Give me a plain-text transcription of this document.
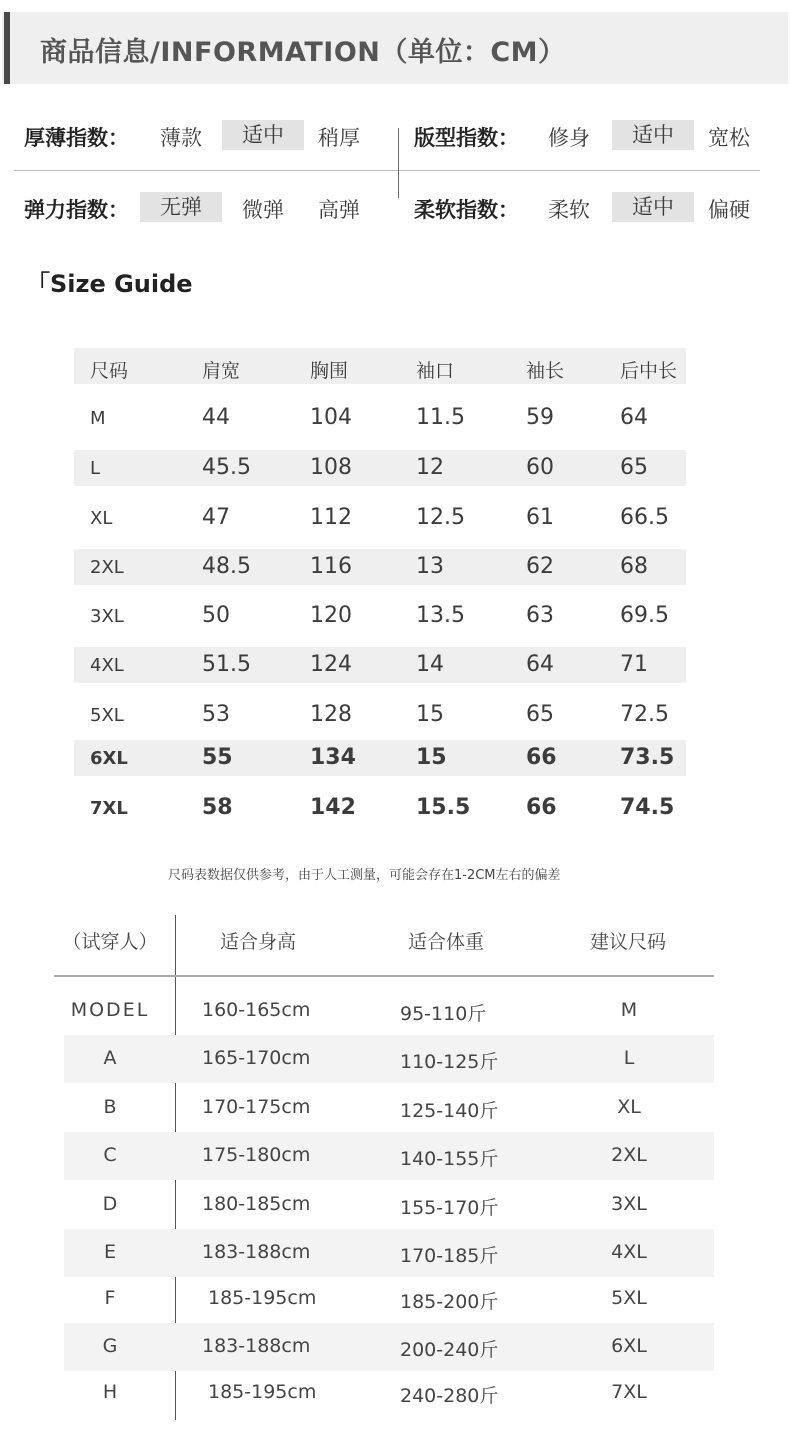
商品信息/INFORMATION（单位：CM）
厚薄指数： 薄款	适中	稍厚	版型指数： 修身	适中	宽松
弹力指数：	无弹	微弹 高弹	柔软指数： 柔软	适中	偏硬
「Size Guide
尺码	肩宽	胸围	袖口	袖长	后中长
M	44	104	11.5	59	64
L	45.5	108	12	60	65
XL	47	112	12.5	61	66.5
2XL	48.5	116	13	62	68
3XL	50	120	13.5	63	69.5
4XL	51.5	124	14	64	71
5XL	53	128	15	65	72.5
6XL	55	134	15	66	73.5
7XL	58	142	15.5	66	74.5
尺码表数据仅供参考，由于人工测量，可能会存在1-2CM左右的偏差
（试穿人）	适合身高	适合体重	建议尺码
MODEL	160-165cm	95-110斤	M
A	165-170cm	110-125斤	L
B	170-175cm	125-140斤	XL
C	175-180cm	140-155斤	2XL
D	180-185cm	155-170斤	3XL
E	183-188cm	170-185斤	4XL
F	185-195cm	185-200斤	5XL
G	183-188cm	200-240斤	6XL
H	185-195cm	240-280斤	7XL
